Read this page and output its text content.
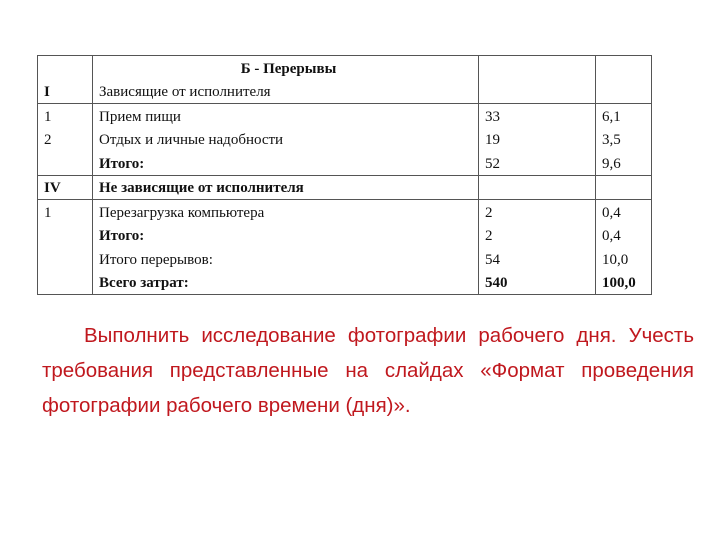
	Б - Перерывы		
I	Зависящие от исполнителя		
1	Прием пищи	33	6,1
2	Отдых и личные надобности	19	3,5
	Итого:	52	9,6
IV	Не зависящие от исполнителя		
1	Перезагрузка компьютера	2	0,4
	Итого:	2	0,4
	Итого перерывов:	54	10,0
	Всего затрат:	540	100,0

Выполнить исследование фотографии рабочего дня. Учесть требования представленные на слайдах «Формат проведения фотографии рабочего времени (дня)».
